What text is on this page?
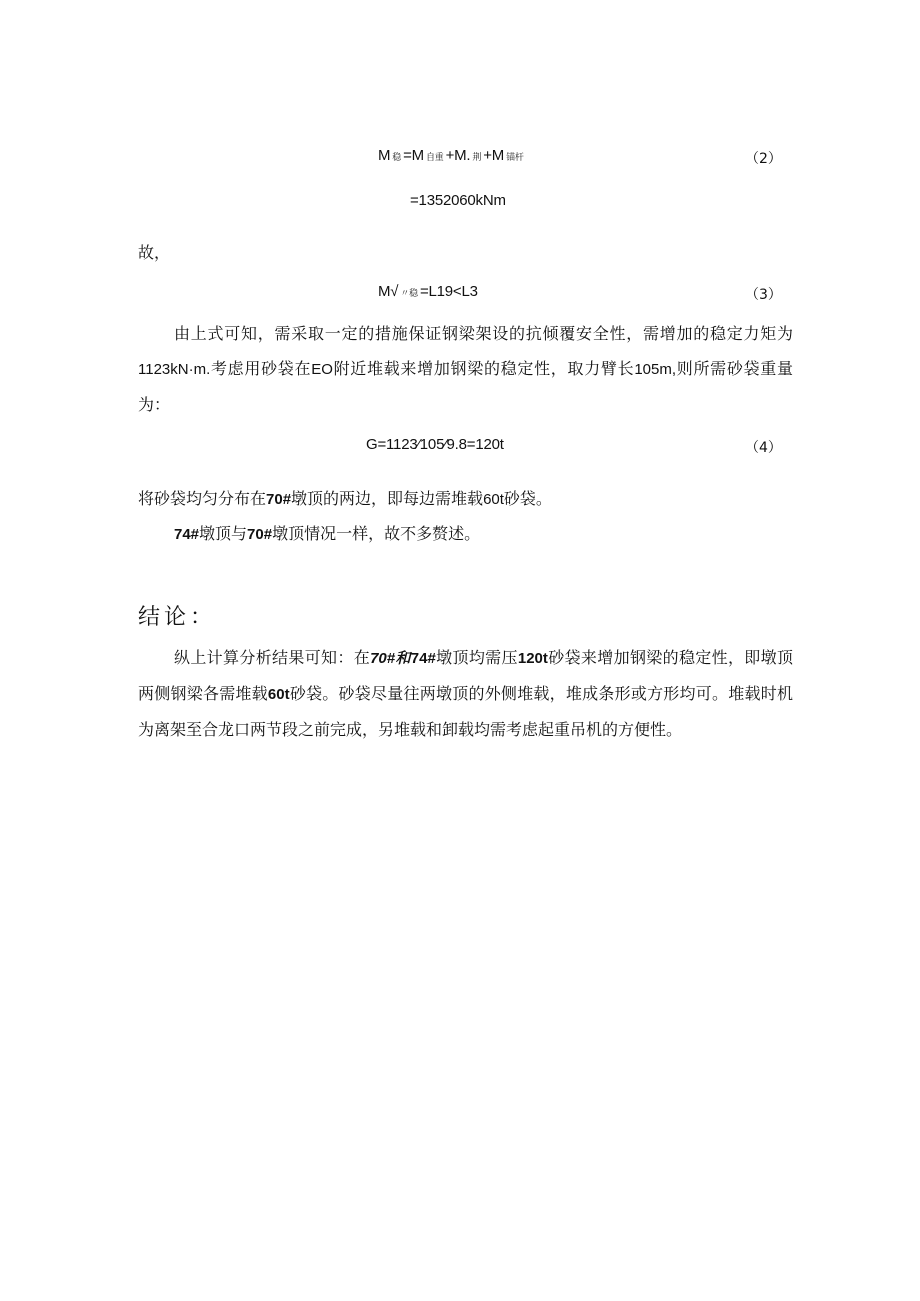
M稳 =M 自重 +M. 荆 +M 锚杆	（2）
=1352060kNm
故，
M√ 〃稳 =L19<L3	（3）
由上式可知，需采取一定的措施保证钢梁架设的抗倾覆安全性，需增加的稳定力矩为1123kN·m.考虑用砂袋在EO附近堆载来增加钢梁的稳定性，取力臂长105m,则所需砂袋重量为：
G=1123⁄105⁄9.8=120t	（4）
将砂袋均匀分布在70#墩顶的两边，即每边需堆载60t砂袋。
74#墩顶与70#墩顶情况一样，故不多赘述。
结论：
纵上计算分析结果可知：在70#和74#墩顶均需压120t砂袋来增加钢梁的稳定性，即墩顶两侧钢梁各需堆载60t砂袋。砂袋尽量往两墩顶的外侧堆载，堆成条形或方形均可。堆载时机为离架至合龙口两节段之前完成，另堆载和卸载均需考虑起重吊机的方便性。
